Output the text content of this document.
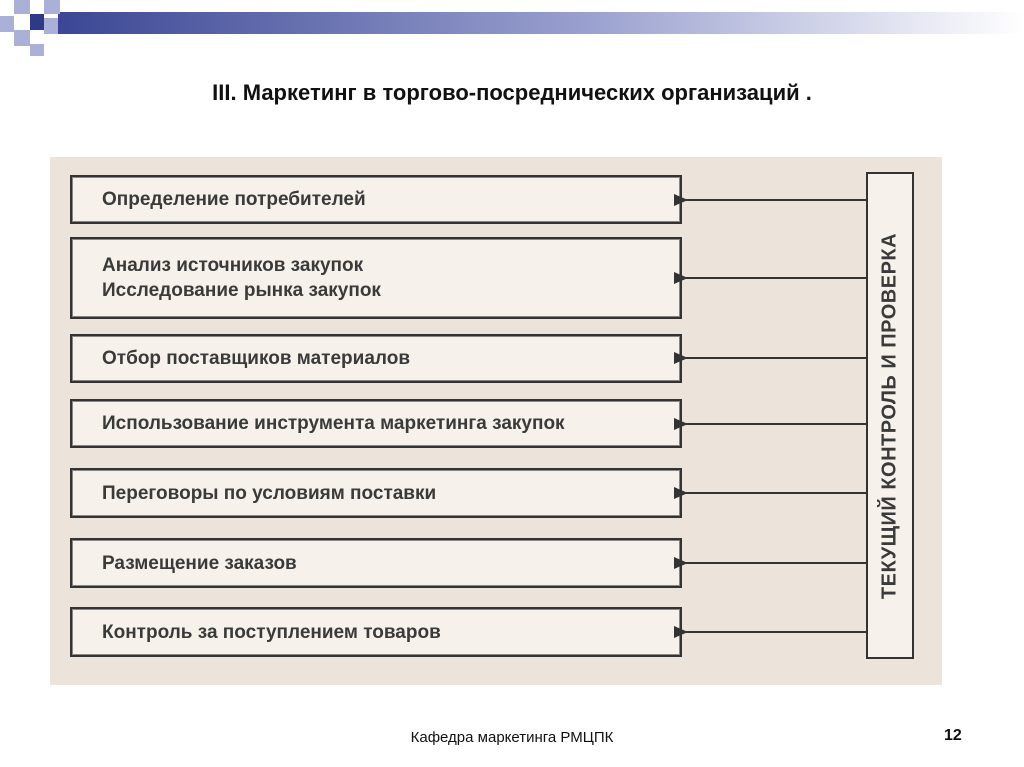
III. Маркетинг в торгово-посреднических организаций .
Определение потребителей
Анализ источников закупок
Исследование рынка закупок
Отбор поставщиков материалов
Использование инструмента маркетинга закупок
Переговоры по условиям поставки
Размещение заказов
Контроль за поступлением товаров
ТЕКУЩИЙ КОНТРОЛЬ И ПРОВЕРКА
Кафедра маркетинга РМЦПК	12
